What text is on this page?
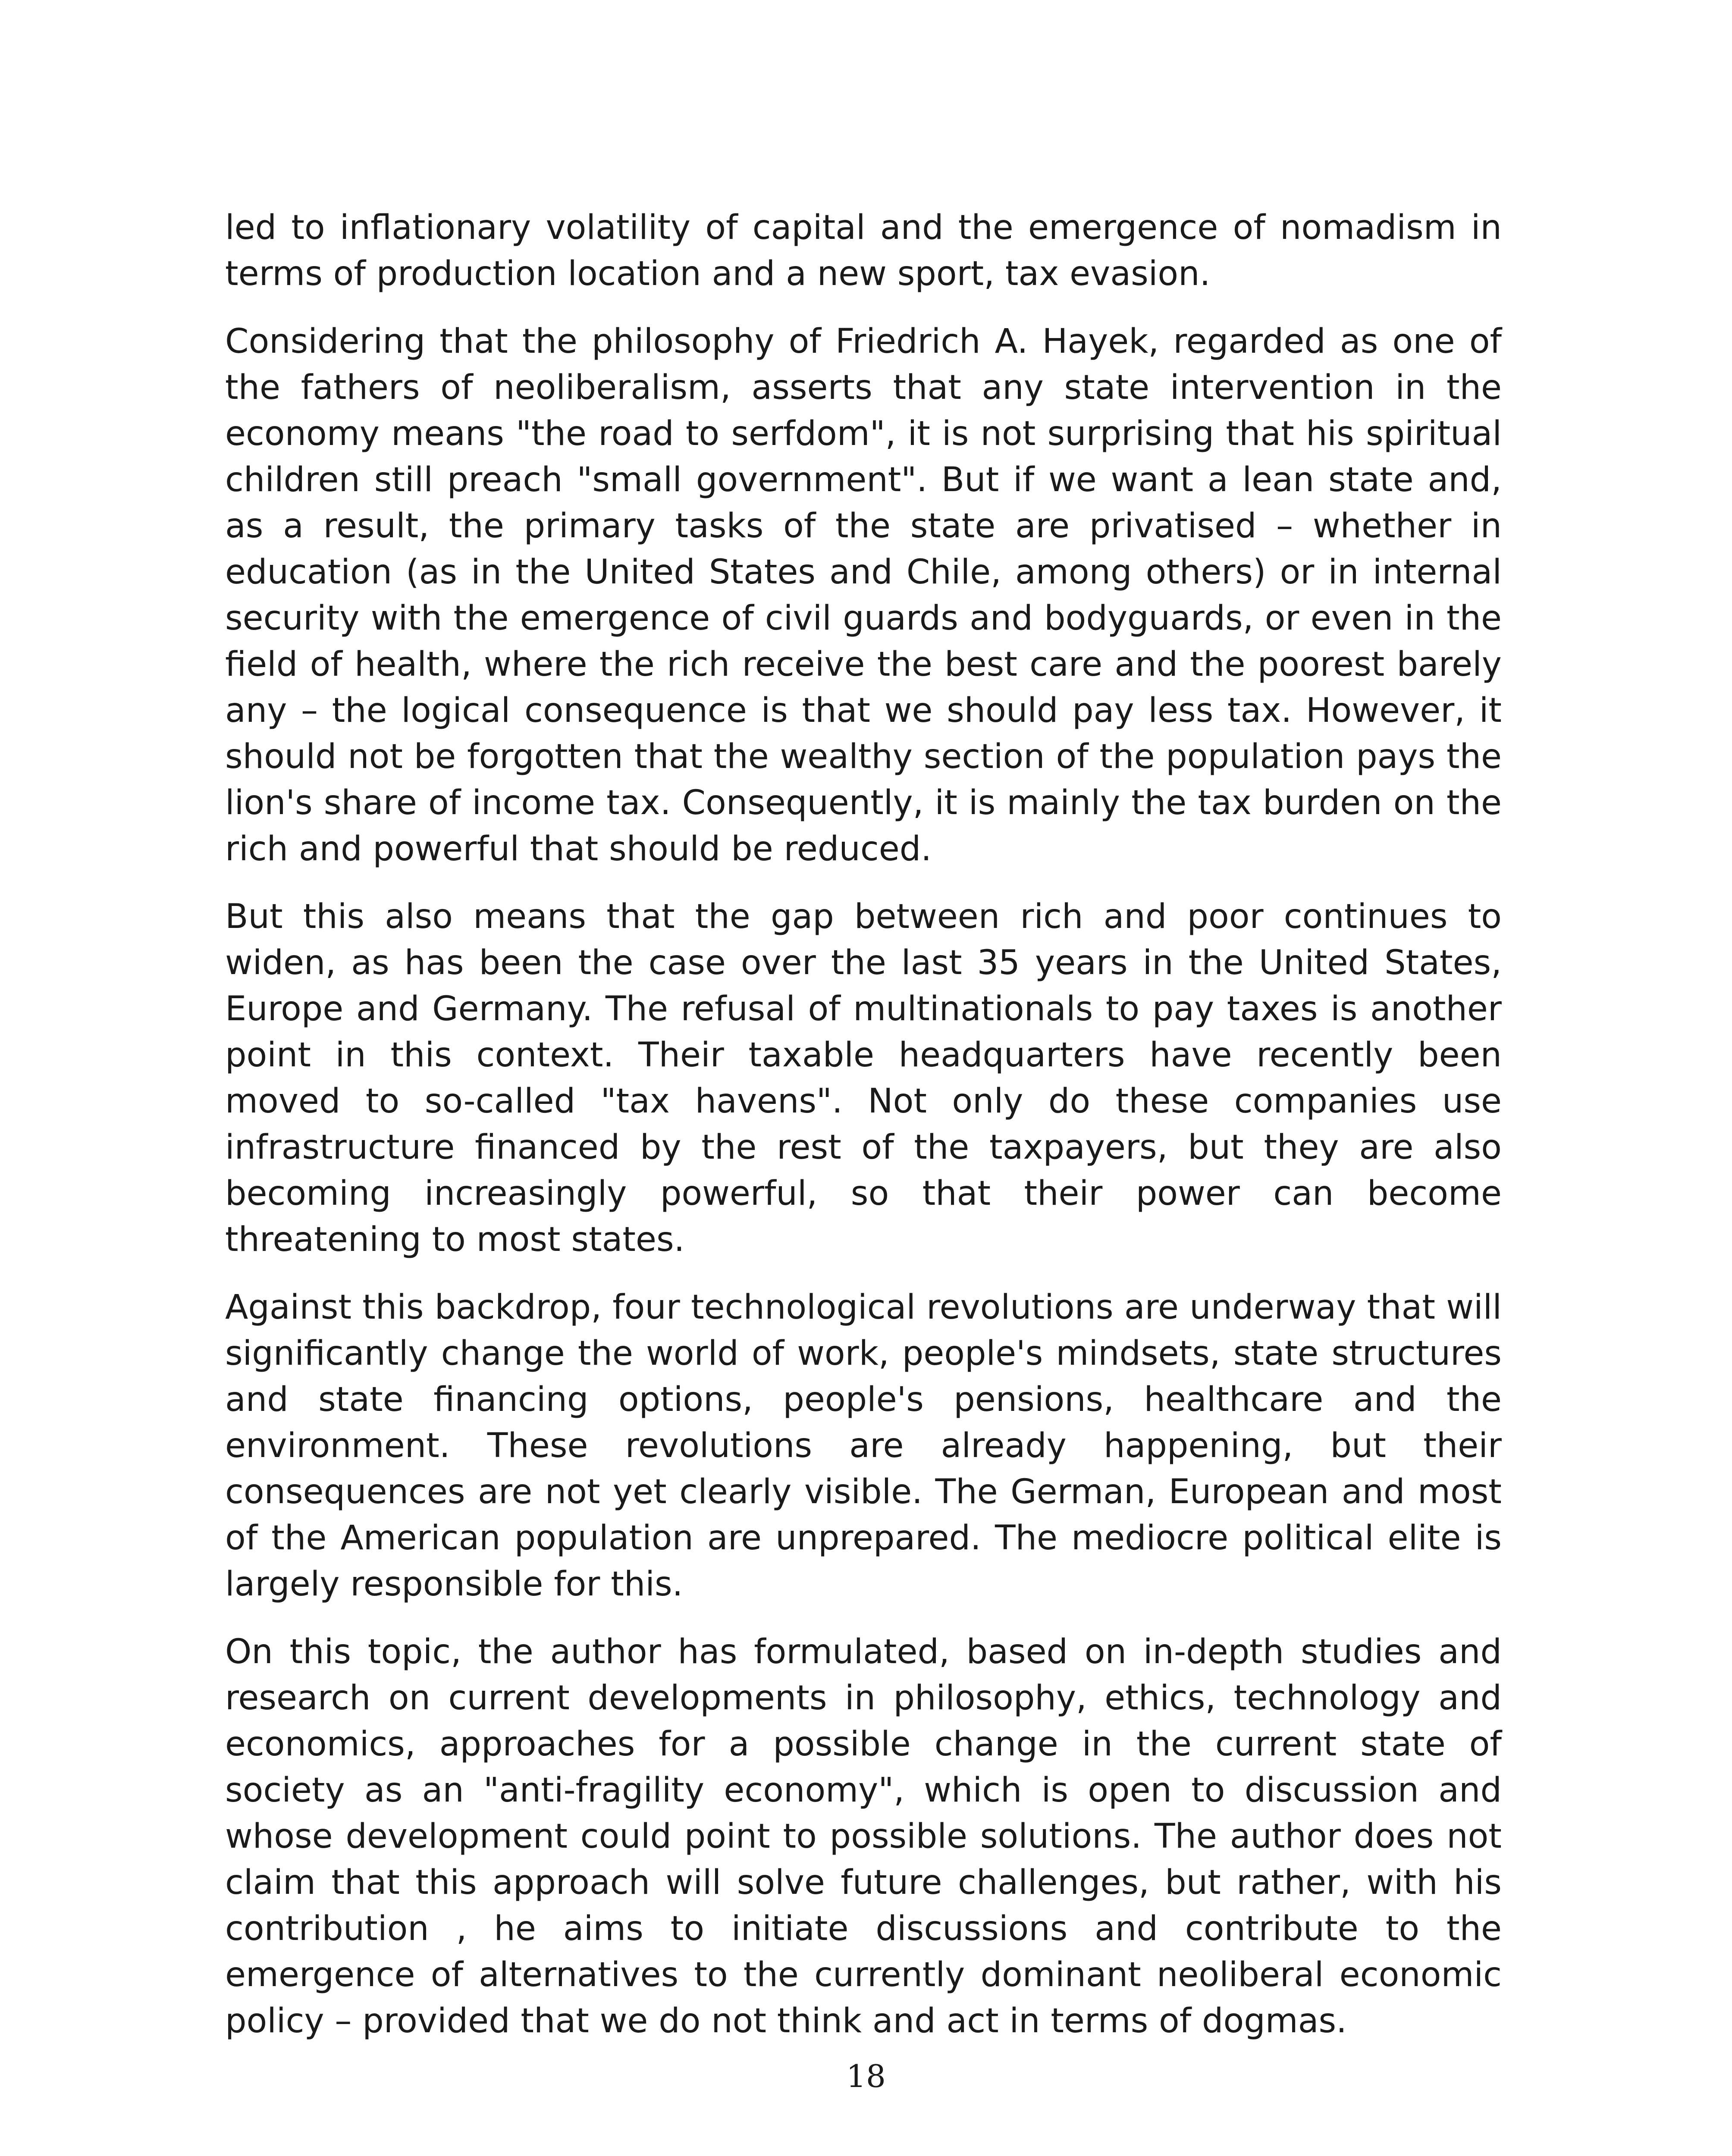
led to inflationary volatility of capital and the emergence of nomadism in terms of production location and a new sport, tax evasion.

Considering that the philosophy of Friedrich A. Hayek, regarded as one of the fathers of neoliberalism, asserts that any state intervention in the economy means "the road to serfdom", it is not surprising that his spiritual children still preach "small government". But if we want a lean state and, as a result, the primary tasks of the state are privatised – whether in education (as in the United States and Chile, among others) or in internal security with the emergence of civil guards and bodyguards, or even in the field of health, where the rich receive the best care and the poorest barely any – the logical consequence is that we should pay less tax. However, it should not be forgotten that the wealthy section of the population pays the lion's share of income tax. Consequently, it is mainly the tax burden on the rich and powerful that should be reduced.

But this also means that the gap between rich and poor continues to widen, as has been the case over the last 35 years in the United States, Europe and Germany. The refusal of multinationals to pay taxes is another point in this context. Their taxable headquarters have recently been moved to so-called "tax havens". Not only do these companies use infrastructure financed by the rest of the taxpayers, but they are also becoming increasingly powerful, so that their power can become threatening to most states.

Against this backdrop, four technological revolutions are underway that will significantly change the world of work, people's mindsets, state structures and state financing options, people's pensions, healthcare and the environment. These revolutions are already happening, but their consequences are not yet clearly visible. The German, European and most of the American population are unprepared. The mediocre political elite is largely responsible for this.

On this topic, the author has formulated, based on in-depth studies and research on current developments in philosophy, ethics, technology and economics, approaches for a possible change in the current state of society as an "anti-fragility economy", which is open to discussion and whose development could point to possible solutions. The author does not claim that this approach will solve future challenges, but rather, with his contribution , he aims to initiate discussions and contribute to the emergence of alternatives to the currently dominant neoliberal economic policy – provided that we do not think and act in terms of dogmas.

18
